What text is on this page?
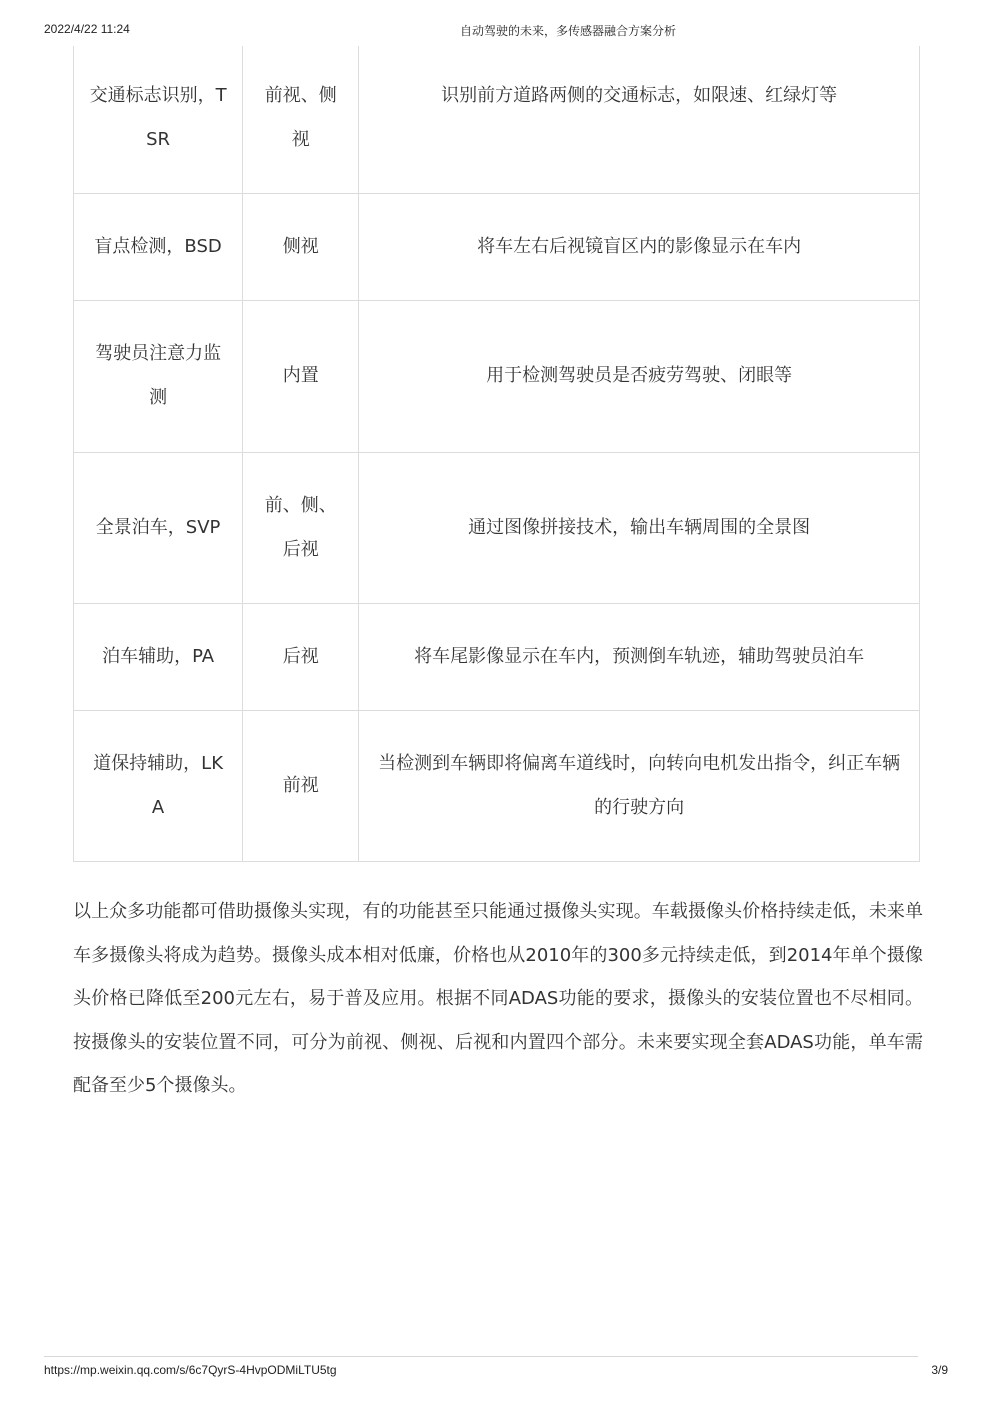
2022/4/22 11:24	自动驾驶的未来，多传感器融合方案分析
交通标志识别，TSR	前视、侧视	识别前方道路两侧的交通标志，如限速、红绿灯等
盲点检测，BSD	侧视	将车左右后视镜盲区内的影像显示在车内
驾驶员注意力监测	内置	用于检测驾驶员是否疲劳驾驶、闭眼等
全景泊车，SVP	前、侧、后视	通过图像拼接技术，输出车辆周围的全景图
泊车辅助，PA	后视	将车尾影像显示在车内，预测倒车轨迹，辅助驾驶员泊车
道保持辅助，LKA	前视	当检测到车辆即将偏离车道线时，向转向电机发出指令，纠正车辆的行驶方向

以上众多功能都可借助摄像头实现，有的功能甚至只能通过摄像头实现。车载摄像头价格持续走低，未来单车多摄像头将成为趋势。摄像头成本相对低廉，价格也从2010年的300多元持续走低，到2014年单个摄像头价格已降低至200元左右，易于普及应用。根据不同ADAS功能的要求，摄像头的安装位置也不尽相同。按摄像头的安装位置不同，可分为前视、侧视、后视和内置四个部分。未来要实现全套ADAS功能，单车需配备至少5个摄像头。

https://mp.weixin.qq.com/s/6c7QyrS-4HvpODMiLTU5tg	3/9
